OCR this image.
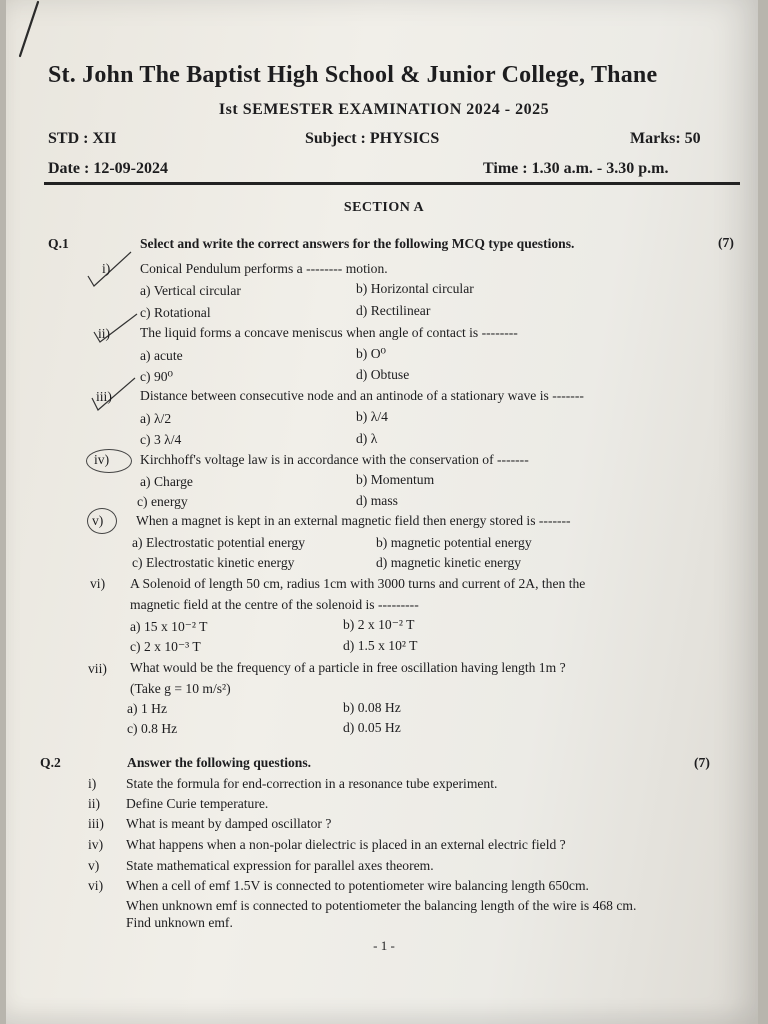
St. John The Baptist High School & Junior College, Thane
Ist SEMESTER EXAMINATION 2024 - 2025
STD : XII	Subject : PHYSICS	Marks: 50
Date : 12-09-2024	Time : 1.30 a.m. - 3.30 p.m.
SECTION A
Q.1	Select and write the correct answers for the following MCQ type questions.	(7)
i) Conical Pendulum performs a -------- motion.
a) Vertical circular	b) Horizontal circular
c) Rotational	d) Rectilinear
ii) The liquid forms a concave meniscus when angle of contact is --------
a) acute	b) O⁰
c) 90⁰	d) Obtuse
iii) Distance between consecutive node and an antinode of a stationary wave is -------
a) λ/2	b) λ/4
c) 3 λ/4	d) λ
iv) Kirchhoff's voltage law is in accordance with the conservation of -------
a) Charge	b) Momentum
c) energy	d) mass
v) When a magnet is kept in an external magnetic field then energy stored is -------
a) Electrostatic potential energy	b) magnetic potential energy
c) Electrostatic kinetic energy	d) magnetic kinetic energy
vi) A Solenoid of length 50 cm, radius 1cm with 3000 turns and current of 2A, then the
magnetic field at the centre of the solenoid is ---------
a) 15 x 10⁻² T	b) 2 x 10⁻² T
c) 2 x 10⁻³ T	d) 1.5 x 10² T
vii) What would be the frequency of a particle in free oscillation having length 1m ?
(Take g = 10 m/s²)
a) 1 Hz	b) 0.08 Hz
c) 0.8 Hz	d) 0.05 Hz
Q.2	Answer the following questions.	(7)
i) State the formula for end-correction in a resonance tube experiment.
ii) Define Curie temperature.
iii) What is meant by damped oscillator ?
iv) What happens when a non-polar dielectric is placed in an external electric field ?
v) State mathematical expression for parallel axes theorem.
vi) When a cell of emf 1.5V is connected to potentiometer wire balancing length 650cm.
When unknown emf is connected to potentiometer the balancing length of the wire is 468 cm.
Find unknown emf.
- 1 -
